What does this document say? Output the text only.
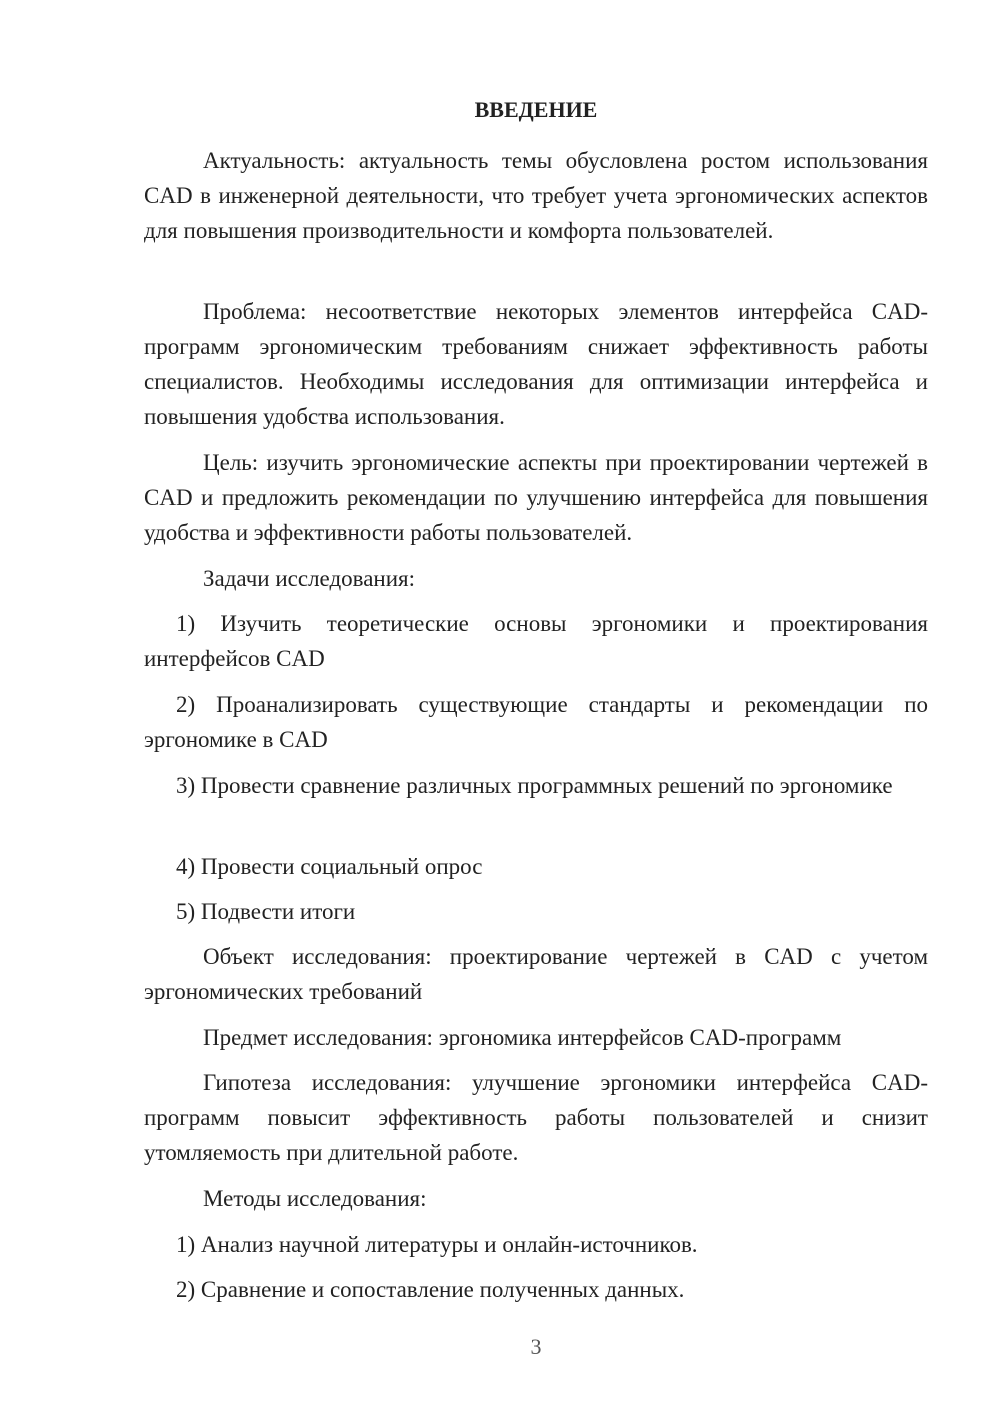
ВВЕДЕНИЕ

Актуальность: актуальность темы обусловлена ростом использования CAD в инженерной деятельности, что требует учета эргономических аспектов для повышения производительности и комфорта пользователей.

Проблема: несоответствие некоторых элементов интерфейса CAD-программ эргономическим требованиям снижает эффективность работы специалистов. Необходимы исследования для оптимизации интерфейса и повышения удобства использования.

Цель: изучить эргономические аспекты при проектировании чертежей в CAD и предложить рекомендации по улучшению интерфейса для повышения удобства и эффективности работы пользователей.

Задачи исследования:

1) Изучить теоретические основы эргономики и проектирования интерфейсов CAD

2) Проанализировать существующие стандарты и рекомендации по эргономике в CAD

3) Провести сравнение различных программных решений по эргономике

4) Провести социальный опрос

5) Подвести итоги

Объект исследования: проектирование чертежей в CAD с учетом эргономических требований

Предмет исследования: эргономика интерфейсов CAD-программ

Гипотеза исследования: улучшение эргономики интерфейса CAD-программ повысит эффективность работы пользователей и снизит утомляемость при длительной работе.

Методы исследования:

1) Анализ научной литературы и онлайн-источников.

2) Сравнение и сопоставление полученных данных.

3
